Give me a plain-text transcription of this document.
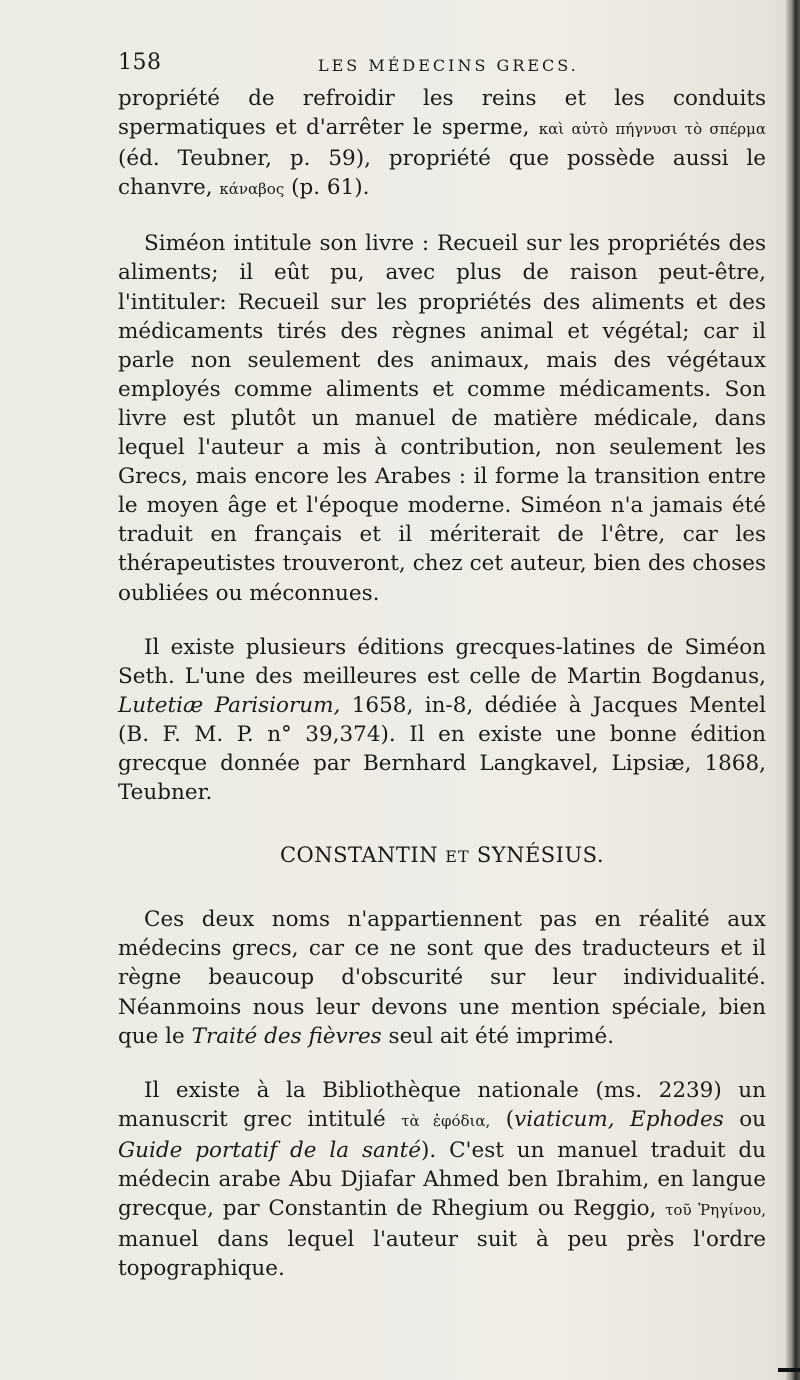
158	LES MÉDECINS GRECS.

propriété de refroidir les reins et les conduits spermatiques et d'arrêter le sperme, καὶ αὐτὸ πήγνυσι τὸ σπέρμα (éd. Teubner, p. 59), propriété que possède aussi le chanvre, κάναβος (p. 61).

Siméon intitule son livre : Recueil sur les propriétés des aliments; il eût pu, avec plus de raison peut-être, l'intituler: Recueil sur les propriétés des aliments et des médicaments tirés des règnes animal et végétal; car il parle non seulement des animaux, mais des végétaux employés comme aliments et comme médicaments. Son livre est plutôt un manuel de matière médicale, dans lequel l'auteur a mis à contribution, non seulement les Grecs, mais encore les Arabes : il forme la transition entre le moyen âge et l'époque moderne. Siméon n'a jamais été traduit en français et il mériterait de l'être, car les thérapeutistes trouveront, chez cet auteur, bien des choses oubliées ou méconnues.

Il existe plusieurs éditions grecques-latines de Siméon Seth. L'une des meilleures est celle de Martin Bogdanus, Lutetiæ Parisiorum, 1658, in-8, dédiée à Jacques Mentel (B. F. M. P. n° 39,374). Il en existe une bonne édition grecque donnée par Bernhard Langkavel, Lipsiæ, 1868, Teubner.

CONSTANTIN ET SYNÉSIUS.

Ces deux noms n'appartiennent pas en réalité aux médecins grecs, car ce ne sont que des traducteurs et il règne beaucoup d'obscurité sur leur individualité. Néanmoins nous leur devons une mention spéciale, bien que le Traité des fièvres seul ait été imprimé.

Il existe à la Bibliothèque nationale (ms. 2239) un manuscrit grec intitulé τὰ ἐφόδια, (viaticum, Ephodes ou Guide portatif de la santé). C'est un manuel traduit du médecin arabe Abu Djiafar Ahmed ben Ibrahim, en langue grecque, par Constantin de Rhegium ou Reggio, τοῦ Ῥηγίνου, manuel dans lequel l'auteur suit à peu près l'ordre topographique.
